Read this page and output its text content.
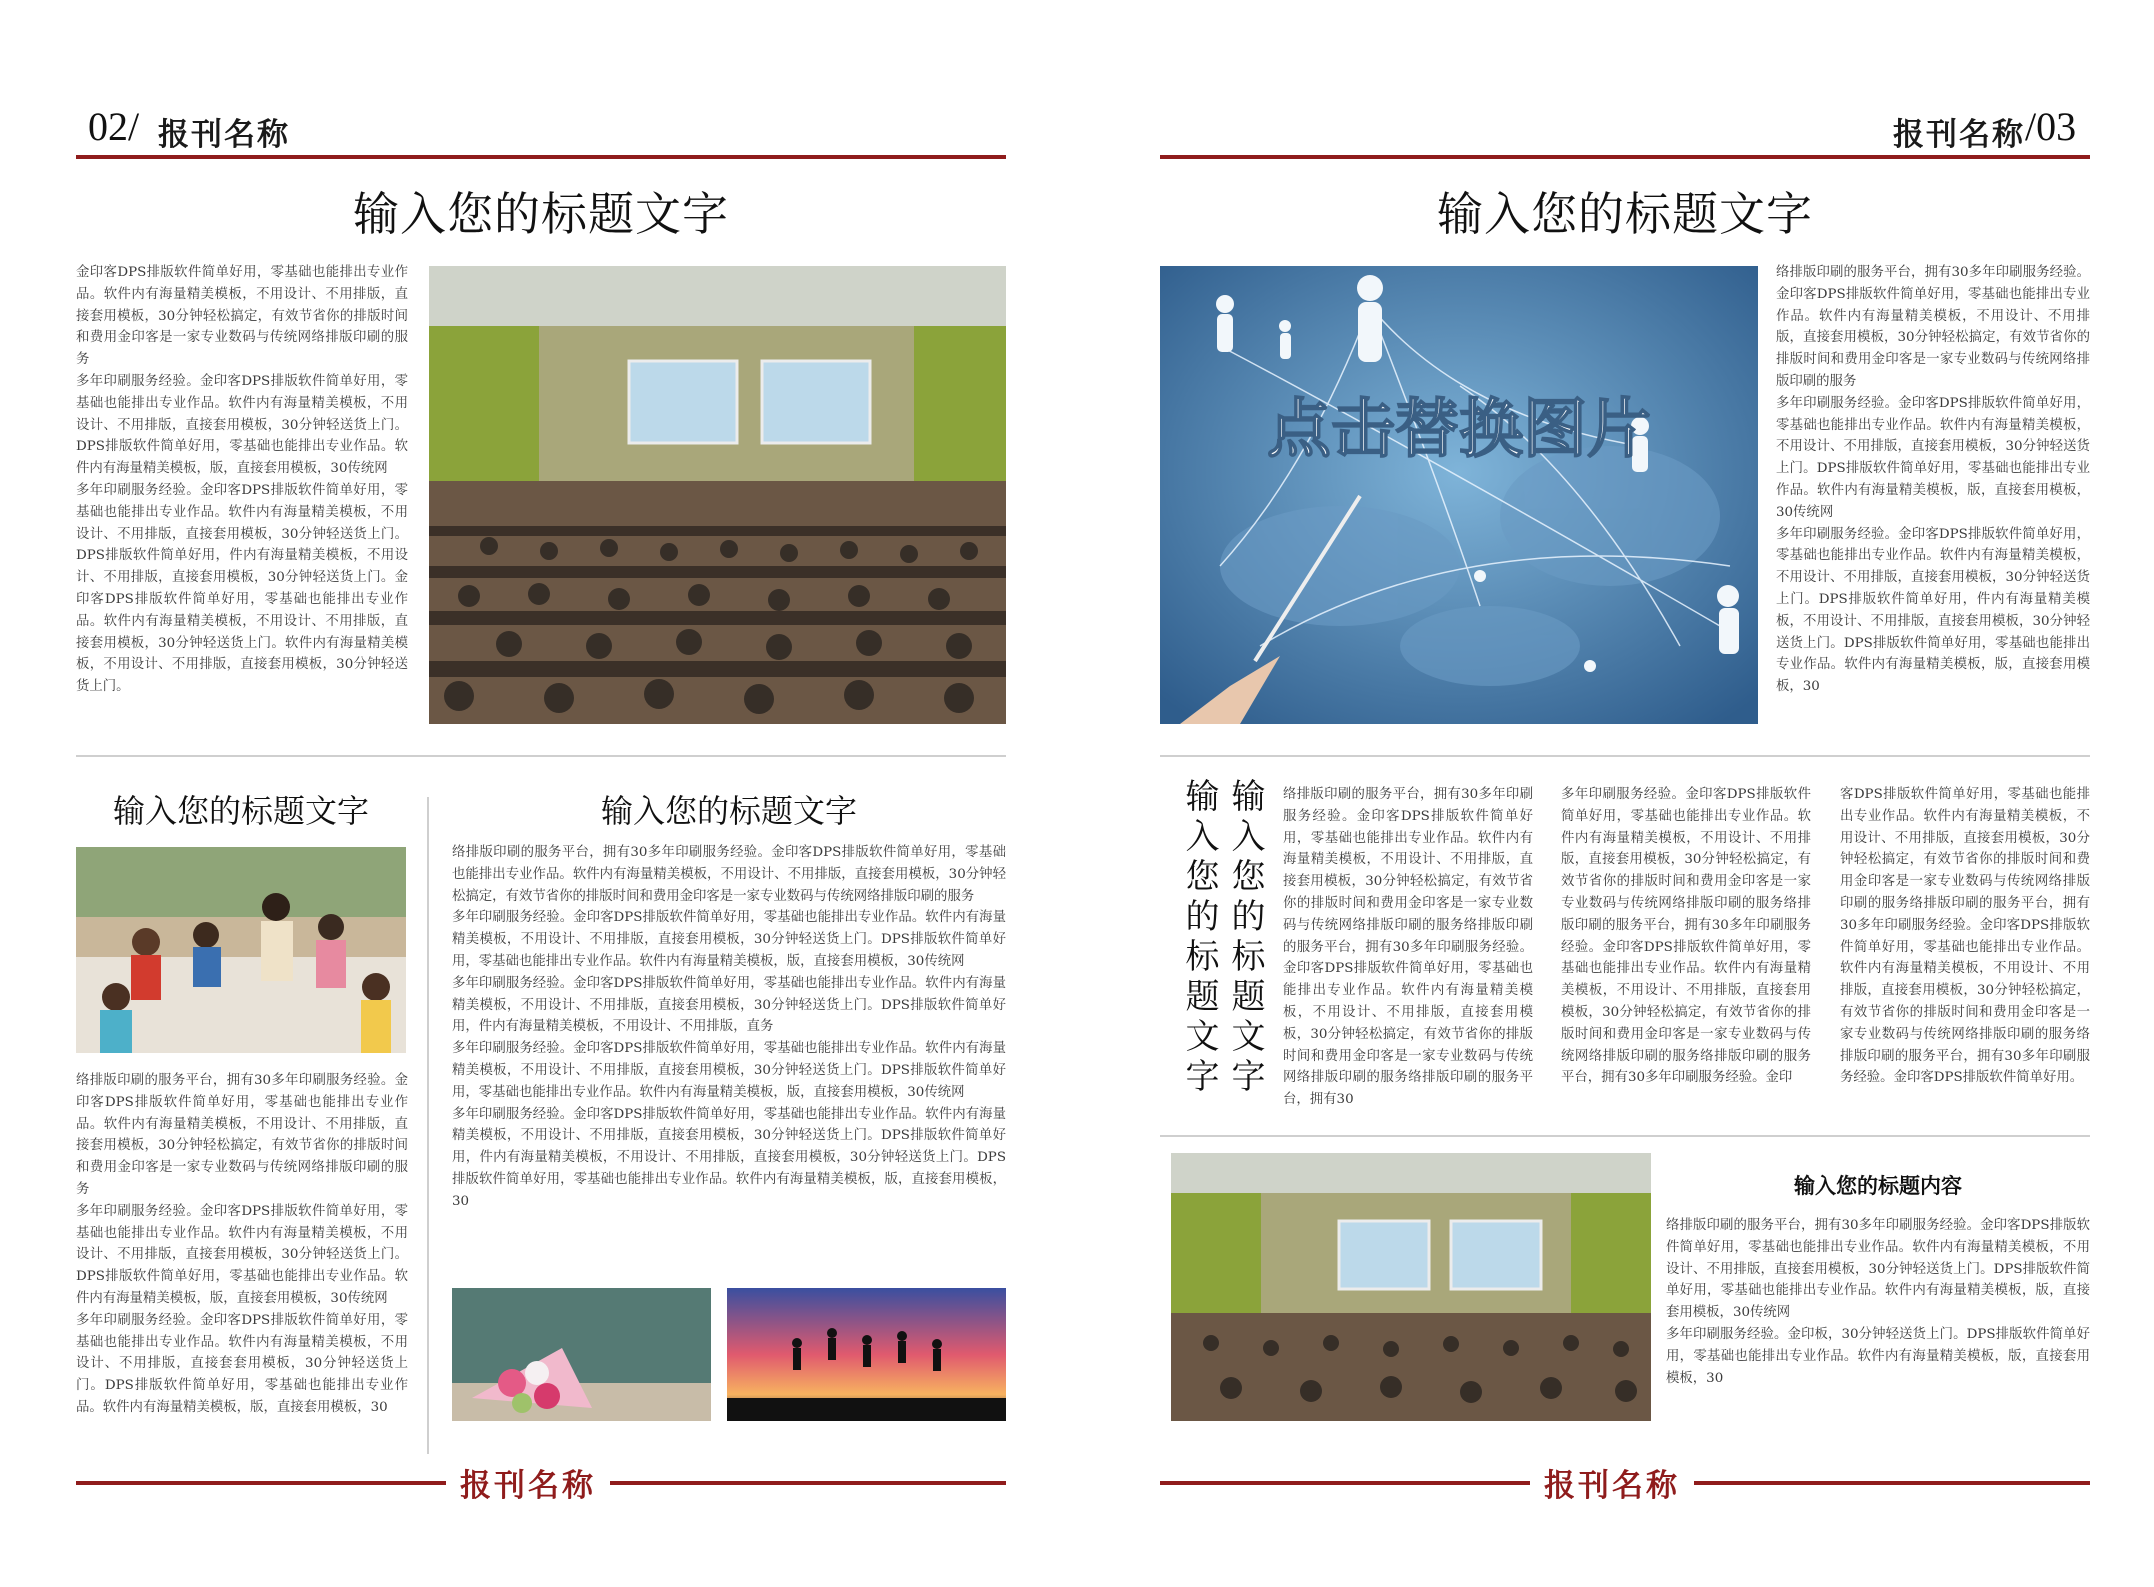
02/ 报刊名称
输入您的标题文字
金印客DPS排版软件简单好用，零基础也能排出专业作品。软件内有海量精美模板，不用设计、不用排版，直接套用模板，30分钟轻松搞定，有效节省你的排版时间和费用金印客是一家专业数码与传统网络排版印刷的服务
多年印刷服务经验。金印客DPS排版软件简单好用，零基础也能排出专业作品。软件内有海量精美模板，不用设计、不用排版，直接套用模板，30分钟轻送货上门。DPS排版软件简单好用，零基础也能排出专业作品。软件内有海量精美模板，版，直接套用模板，30传统网
多年印刷服务经验。金印客DPS排版软件简单好用，零基础也能排出专业作品。软件内有海量精美模板，不用设计、不用排版，直接套用模板，30分钟轻送货上门。DPS排版软件简单好用，件内有海量精美模板，不用设计、不用排版，直接套用模板，30分钟轻送货上门。金印客DPS排版软件简单好用，零基础也能排出专业作品。软件内有海量精美模板，不用设计、不用排版，直接套用模板，30分钟轻送货上门。软件内有海量精美模板，不用设计、不用排版，直接套用模板，30分钟轻送货上门。
输入您的标题文字
络排版印刷的服务平台，拥有30多年印刷服务经验。金印客DPS排版软件简单好用，零基础也能排出专业作品。软件内有海量精美模板，不用设计、不用排版，直接套用模板，30分钟轻松搞定，有效节省你的排版时间和费用金印客是一家专业数码与传统网络排版印刷的服务
多年印刷服务经验。金印客DPS排版软件简单好用，零基础也能排出专业作品。软件内有海量精美模板，不用设计、不用排版，直接套用模板，30分钟轻送货上门。DPS排版软件简单好用，零基础也能排出专业作品。软件内有海量精美模板，版，直接套用模板，30传统网
多年印刷服务经验。金印客DPS排版软件简单好用，零基础也能排出专业作品。软件内有海量精美模板，不用设计、不用排版，直接套套用模板，30分钟轻送货上门。DPS排版软件简单好用，零基础也能排出专业作品。软件内有海量精美模板，版，直接套用模板，30
输入您的标题文字
络排版印刷的服务平台，拥有30多年印刷服务经验。金印客DPS排版软件简单好用，零基础也能排出专业作品。软件内有海量精美模板，不用设计、不用排版，直接套用模板，30分钟轻松搞定，有效节省你的排版时间和费用金印客是一家专业数码与传统网络排版印刷的服务
多年印刷服务经验。金印客DPS排版软件简单好用，零基础也能排出专业作品。软件内有海量精美模板，不用设计、不用排版，直接套用模板，30分钟轻送货上门。DPS排版软件简单好用，零基础也能排出专业作品。软件内有海量精美模板，版，直接套用模板，30传统网
多年印刷服务经验。金印客DPS排版软件简单好用，零基础也能排出专业作品。软件内有海量精美模板，不用设计、不用排版，直接套用模板，30分钟轻送货上门。DPS排版软件简单好用，件内有海量精美模板，不用设计、不用排版，直务
多年印刷服务经验。金印客DPS排版软件简单好用，零基础也能排出专业作品。软件内有海量精美模板，不用设计、不用排版，直接套用模板，30分钟轻送货上门。DPS排版软件简单好用，零基础也能排出专业作品。软件内有海量精美模板，版，直接套用模板，30传统网
多年印刷服务经验。金印客DPS排版软件简单好用，零基础也能排出专业作品。软件内有海量精美模板，不用设计、不用排版，直接套用模板，30分钟轻送货上门。DPS排版软件简单好用，件内有海量精美模板，不用设计、不用排版，直接套用模板，30分钟轻送货上门。DPS排版软件简单好用，零基础也能排出专业作品。软件内有海量精美模板，版，直接套用模板，30
报刊名称
报刊名称 /03
输入您的标题文字
点击替换图片
络排版印刷的服务平台，拥有30多年印刷服务经验。金印客DPS排版软件简单好用，零基础也能排出专业作品。软件内有海量精美模板，不用设计、不用排版，直接套用模板，30分钟轻松搞定，有效节省你的排版时间和费用金印客是一家专业数码与传统网络排版印刷的服务
多年印刷服务经验。金印客DPS排版软件简单好用，零基础也能排出专业作品。软件内有海量精美模板，不用设计、不用排版，直接套用模板，30分钟轻送货上门。DPS排版软件简单好用，零基础也能排出专业作品。软件内有海量精美模板，版，直接套用模板，30传统网
多年印刷服务经验。金印客DPS排版软件简单好用，零基础也能排出专业作品。软件内有海量精美模板，不用设计、不用排版，直接套用模板，30分钟轻送货上门。DPS排版软件简单好用，件内有海量精美模板，不用设计、不用排版，直接套用模板，30分钟轻送货上门。DPS排版软件简单好用，零基础也能排出专业作品。软件内有海量精美模板，版，直接套用模板，30
输入您的标题文字 输入您的标题文字 络排版印刷的服务平台，拥有30多年印刷服务经验。金印客DPS排版软件简单好用，零基础也能排出专业作品。软件内有海量精美模板，不用设计、不用排版，直接套用模板，30分钟轻松搞定，有效节省你的排版时间和费用金印客是一家专业数码与传统网络排版印刷的服务络排版印刷的服务平台，拥有30多年印刷服务经验。金印客DPS排版软件简单好用，零基础也能排出专业作品。软件内有海量精美模板，不用设计、不用排版，直接套用模板，30分钟轻松搞定，有效节省你的排版时间和费用金印客是一家专业数码与传统网络排版印刷的服务络排版印刷的服务平台，拥有30
多年印刷服务经验。金印客DPS排版软件简单好用，零基础也能排出专业作品。软件内有海量精美模板，不用设计、不用排版，直接套用模板，30分钟轻松搞定，有效节省你的排版时间和费用金印客是一家专业数码与传统网络排版印刷的服务络排版印刷的服务平台，拥有30多年印刷服务经验。金印客DPS排版软件简单好用，零基础也能排出专业作品。软件内有海量精美模板，不用设计、不用排版，直接套用模板，30分钟轻松搞定，有效节省你的排版时间和费用金印客是一家专业数码与传统网络排版印刷的服务络排版印刷的服务平台，拥有30多年印刷服务经验。金印
客DPS排版软件简单好用，零基础也能排出专业作品。软件内有海量精美模板，不用设计、不用排版，直接套用模板，30分钟轻松搞定，有效节省你的排版时间和费用金印客是一家专业数码与传统网络排版印刷的服务络排版印刷的服务平台，拥有30多年印刷服务经验。金印客DPS排版软件简单好用，零基础也能排出专业作品。软件内有海量精美模板，不用设计、不用排版，直接套用模板，30分钟轻松搞定，有效节省你的排版时间和费用金印客是一家专业数码与传统网络排版印刷的服务络排版印刷的服务平台，拥有30多年印刷服务经验。金印客DPS排版软件简单好用。
输入您的标题内容
络排版印刷的服务平台，拥有30多年印刷服务经验。金印客DPS排版软件简单好用，零基础也能排出专业作品。软件内有海量精美模板，不用设计、不用排版，直接套用模板，30分钟轻送货上门。DPS排版软件简单好用，零基础也能排出专业作品。软件内有海量精美模板，版，直接套用模板，30传统网
多年印刷服务经验。金印板，30分钟轻送货上门。DPS排版软件简单好用，零基础也能排出专业作品。软件内有海量精美模板，版，直接套用模板，30
报刊名称
